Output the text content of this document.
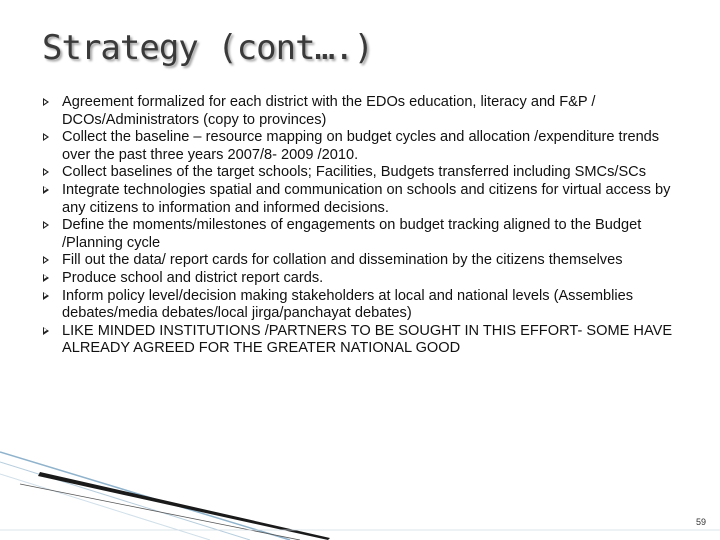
Strategy (cont….)
Agreement formalized for each district with the EDOs education, literacy and F&P / DCOs/Administrators (copy to provinces)
Collect the baseline – resource mapping on budget cycles and allocation /expenditure trends over the past three years 2007/8- 2009 /2010.
Collect baselines of the target schools; Facilities, Budgets transferred including SMCs/SCs
Integrate technologies spatial and communication on schools and citizens for virtual access by any citizens to information and informed decisions.
Define the moments/milestones of engagements on budget tracking aligned to the Budget /Planning cycle
Fill out the data/ report cards for collation and dissemination by the citizens themselves
Produce school and district report cards.
Inform policy level/decision making stakeholders at local and national levels (Assemblies debates/media debates/local jirga/panchayat debates)
LIKE MINDED INSTITUTIONS /PARTNERS TO BE SOUGHT IN THIS EFFORT- SOME HAVE ALREADY AGREED FOR THE GREATER NATIONAL GOOD
59
